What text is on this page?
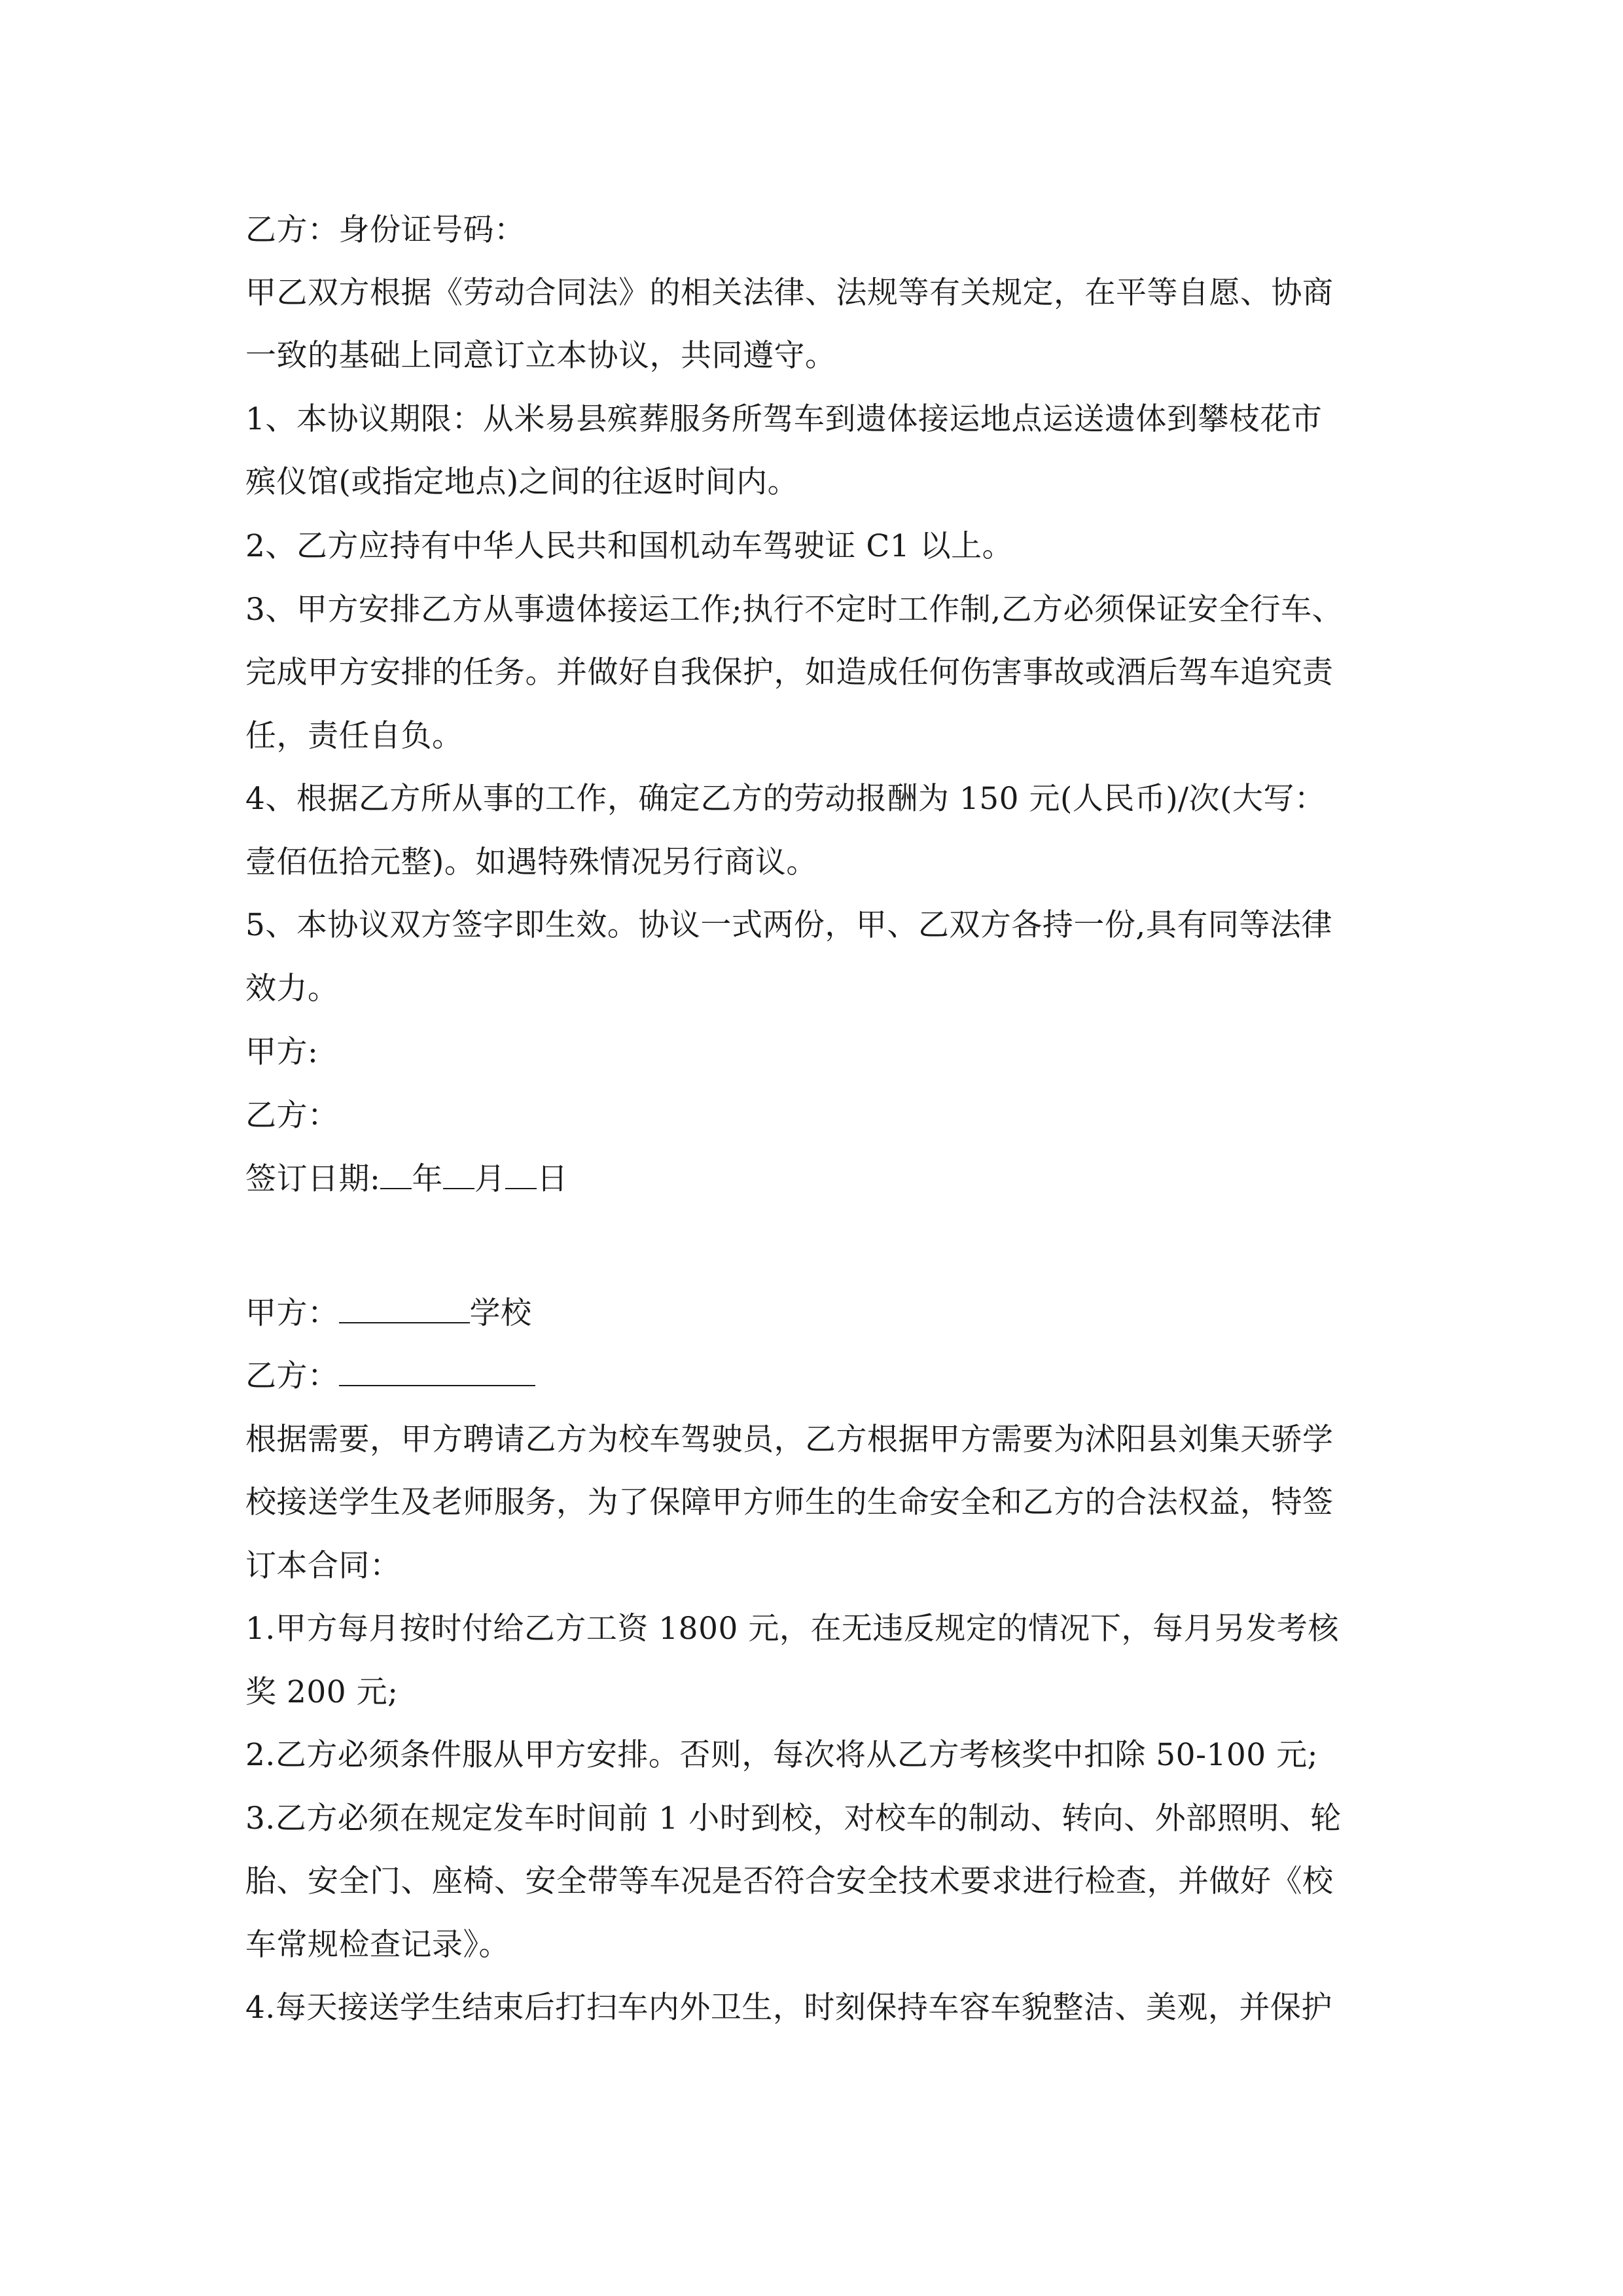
乙方：身份证号码：
甲乙双方根据《劳动合同法》的相关法律、法规等有关规定，在平等自愿、协商
一致的基础上同意订立本协议，共同遵守。
1、本协议期限：从米易县殡葬服务所驾车到遗体接运地点运送遗体到攀枝花市
殡仪馆(或指定地点)之间的往返时间内。
2、乙方应持有中华人民共和国机动车驾驶证 C1 以上。
3、甲方安排乙方从事遗体接运工作;执行不定时工作制,乙方必须保证安全行车、
完成甲方安排的任务。并做好自我保护，如造成任何伤害事故或酒后驾车追究责
任，责任自负。
4、根据乙方所从事的工作，确定乙方的劳动报酬为 150 元(人民币)/次(大写：
壹佰伍拾元整)。如遇特殊情况另行商议。
5、本协议双方签字即生效。协议一式两份，甲、乙双方各持一份,具有同等法律
效力。
甲方:
乙方：
签订日期: 年 月 日
甲方：	学校
乙方：
根据需要，甲方聘请乙方为校车驾驶员，乙方根据甲方需要为沭阳县刘集天骄学
校接送学生及老师服务，为了保障甲方师生的生命安全和乙方的合法权益，特签
订本合同：
1.甲方每月按时付给乙方工资 1800 元，在无违反规定的情况下，每月另发考核
奖 200 元;
2.乙方必须条件服从甲方安排。否则，每次将从乙方考核奖中扣除 50-100 元;
3.乙方必须在规定发车时间前 1 小时到校，对校车的制动、转向、外部照明、轮
胎、安全门、座椅、安全带等车况是否符合安全技术要求进行检查，并做好《校
车常规检查记录》。
4.每天接送学生结束后打扫车内外卫生，时刻保持车容车貌整洁、美观，并保护
